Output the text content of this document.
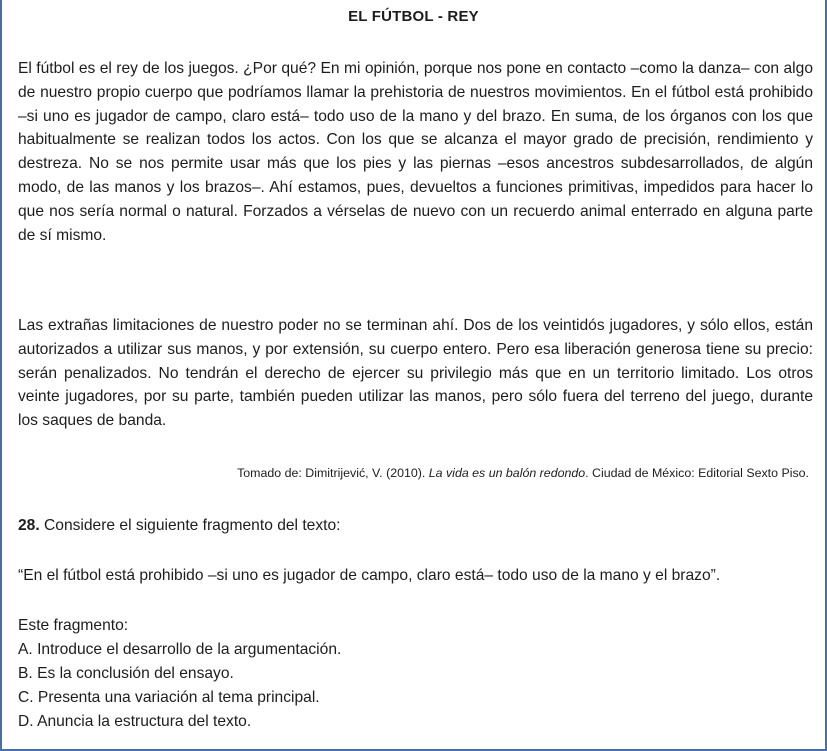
EL FÚTBOL - REY

El fútbol es el rey de los juegos. ¿Por qué? En mi opinión, porque nos pone en contacto –como la danza– con algo de nuestro propio cuerpo que podríamos llamar la prehistoria de nuestros movimientos. En el fútbol está prohibido –si uno es jugador de campo, claro está– todo uso de la mano y del brazo. En suma, de los órganos con los que habitualmente se realizan todos los actos. Con los que se alcanza el mayor grado de precisión, rendimiento y destreza. No se nos permite usar más que los pies y las piernas –esos ancestros subdesarrollados, de algún modo, de las manos y los brazos–. Ahí estamos, pues, devueltos a funciones primitivas, impedidos para hacer lo que nos sería normal o natural. Forzados a vérselas de nuevo con un recuerdo animal enterrado en alguna parte de sí mismo.

Las extrañas limitaciones de nuestro poder no se terminan ahí. Dos de los veintidós jugadores, y sólo ellos, están autorizados a utilizar sus manos, y por extensión, su cuerpo entero. Pero esa liberación generosa tiene su precio: serán penalizados. No tendrán el derecho de ejercer su privilegio más que en un territorio limitado. Los otros veinte jugadores, por su parte, también pueden utilizar las manos, pero sólo fuera del terreno del juego, durante los saques de banda.

Tomado de: Dimitrijević, V. (2010). La vida es un balón redondo. Ciudad de México: Editorial Sexto Piso.

28. Considere el siguiente fragmento del texto:

“En el fútbol está prohibido –si uno es jugador de campo, claro está– todo uso de la mano y el brazo”.

Este fragmento:

A. Introduce el desarrollo de la argumentación.
B. Es la conclusión del ensayo.
C. Presenta una variación al tema principal.
D. Anuncia la estructura del texto.
